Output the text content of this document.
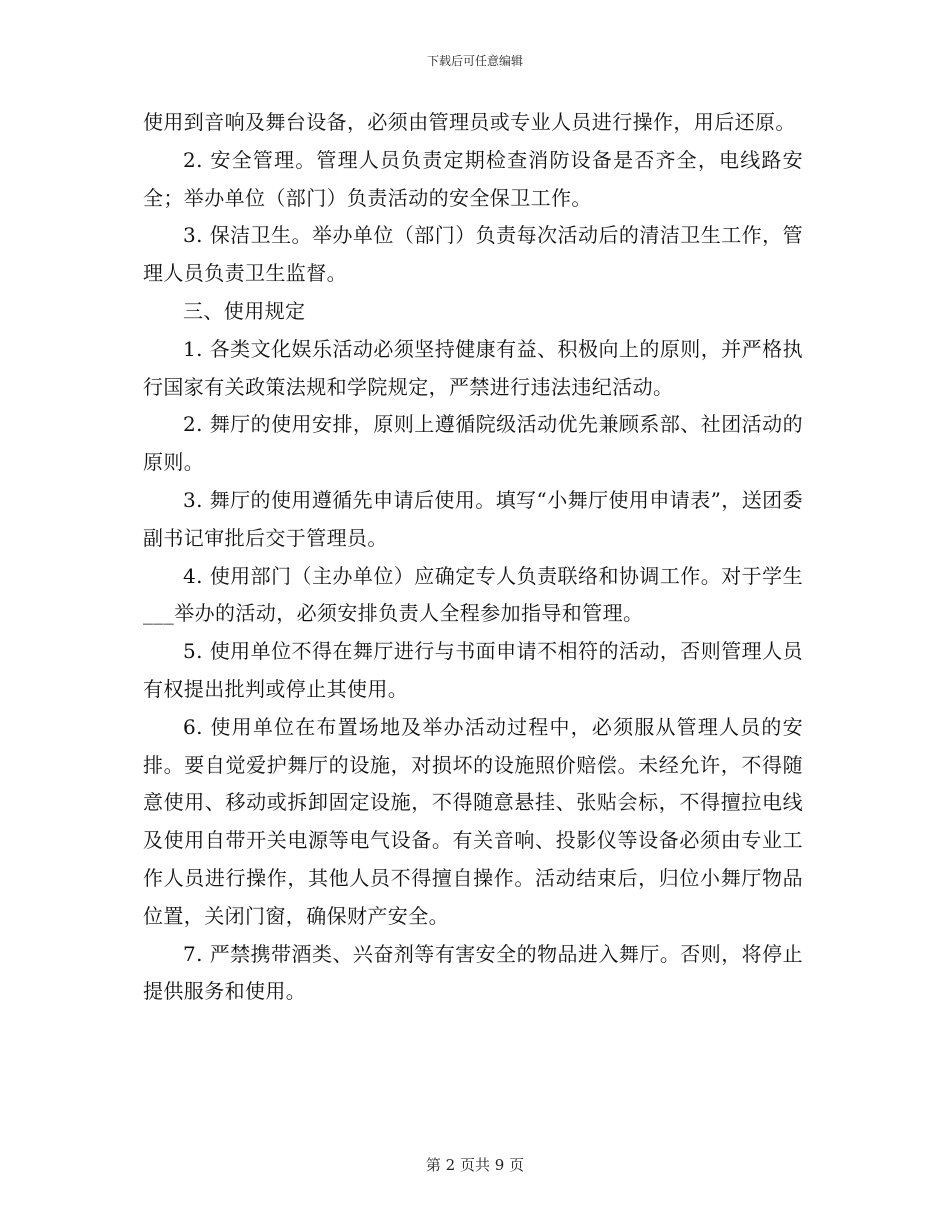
下载后可任意编辑

使用到音响及舞台设备，必须由管理员或专业人员进行操作，用后还原。

2. 安全管理。管理人员负责定期检查消防设备是否齐全，电线路安全；举办单位（部门）负责活动的安全保卫工作。

3. 保洁卫生。举办单位（部门）负责每次活动后的清洁卫生工作，管理人员负责卫生监督。

三、使用规定

1. 各类文化娱乐活动必须坚持健康有益、积极向上的原则，并严格执行国家有关政策法规和学院规定，严禁进行违法违纪活动。

2. 舞厅的使用安排，原则上遵循院级活动优先兼顾系部、社团活动的原则。

3. 舞厅的使用遵循先申请后使用。填写“小舞厅使用申请表”，送团委副书记审批后交于管理员。

4. 使用部门（主办单位）应确定专人负责联络和协调工作。对于学生___举办的活动，必须安排负责人全程参加指导和管理。

5. 使用单位不得在舞厅进行与书面申请不相符的活动，否则管理人员有权提出批判或停止其使用。

6. 使用单位在布置场地及举办活动过程中，必须服从管理人员的安排。要自觉爱护舞厅的设施，对损坏的设施照价赔偿。未经允许，不得随意使用、移动或拆卸固定设施，不得随意悬挂、张贴会标，不得擅拉电线及使用自带开关电源等电气设备。有关音响、投影仪等设备必须由专业工作人员进行操作，其他人员不得擅自操作。活动结束后，归位小舞厅物品位置，关闭门窗，确保财产安全。

7. 严禁携带酒类、兴奋剂等有害安全的物品进入舞厅。否则，将停止提供服务和使用。

第 2 页共 9 页
